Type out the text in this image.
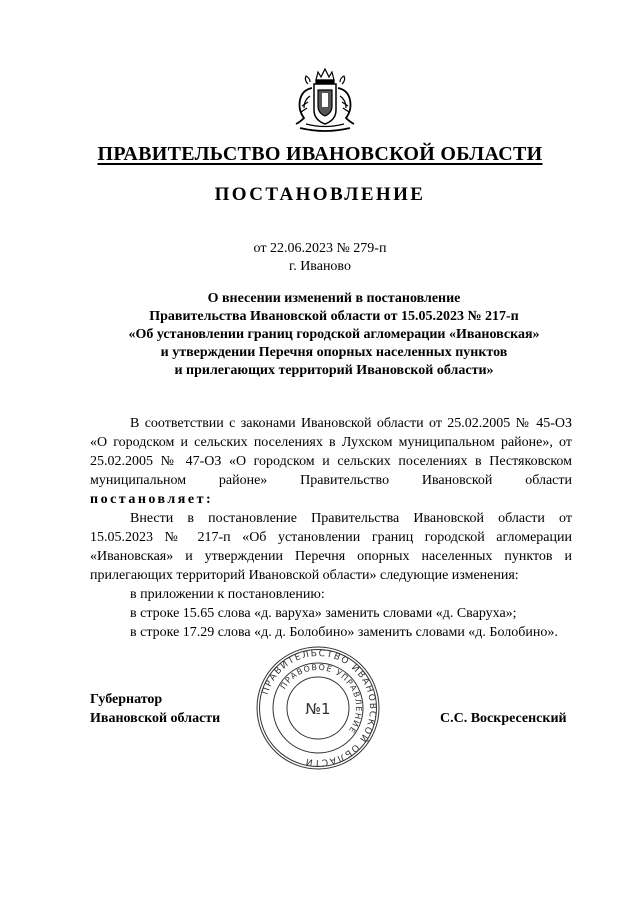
ПРАВИТЕЛЬСТВО ИВАНОВСКОЙ ОБЛАСТИ
ПОСТАНОВЛЕНИЕ
от 22.06.2023 № 279-п
г. Иваново
О внесении изменений в постановление
Правительства Ивановской области от 15.05.2023 № 217-п
«Об установлении границ городской агломерации «Ивановская»
и утверждении Перечня опорных населенных пунктов
и прилегающих территорий Ивановской области»

В соответствии с законами Ивановской области от 25.02.2005 № 45-ОЗ «О городском и сельских поселениях в Лухском муниципальном районе», от 25.02.2005 № 47-ОЗ «О городском и сельских поселениях в Пестяковском муниципальном районе» Правительство Ивановской области постановляет:

Внести в постановление Правительства Ивановской области от 15.05.2023 № 217-п «Об установлении границ городской агломерации «Ивановская» и утверждении Перечня опорных населенных пунктов и прилегающих территорий Ивановской области» следующие изменения:

в приложении к постановлению:

в строке 15.65 слова «д. варуха» заменить словами «д. Сваруха»;

в строке 17.29 слова «д. д. Болобино» заменить словами «д. Болобино».

Губернатор
Ивановской области	С.С. Воскресенский
ПРАВИТЕЛЬСТВО ИВАНОВСКОЙ ОБЛАСТИ
ПРАВОВОЕ УПРАВЛЕНИЕ
№1
